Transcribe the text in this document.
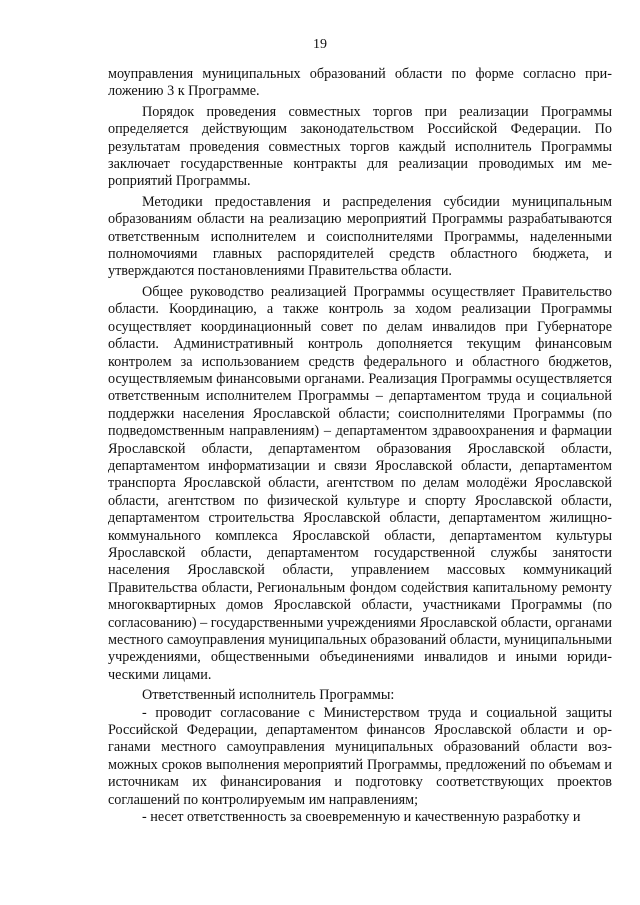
19

моуправления муниципальных образований области по форме согласно приложению 3 к Программе.

Порядок проведения совместных торгов при реализации Программы определяется действующим законодательством Российской Федерации. По результатам проведения совместных торгов каждый исполнитель Программы заключает государственные контракты для реализации проводимых им мероприятий Программы.

Методики предоставления и распределения субсидии муниципальным образованиям области на реализацию мероприятий Программы разрабатываются ответственным исполнителем и соисполнителями Программы, наделенными полномочиями главных распорядителей средств областного бюджета, и утверждаются постановлениями Правительства области.

Общее руководство реализацией Программы осуществляет Правительство области. Координацию, а также контроль за ходом реализации Программы осуществляет координационный совет по делам инвалидов при Губернаторе области. Административный контроль дополняется текущим финансовым контролем за использованием средств федерального и областного бюджетов, осуществляемым финансовыми органами. Реализация Программы осуществляется ответственным исполнителем Программы – департаментом труда и социальной поддержки населения Ярославской области; соисполнителями Программы (по подведомственным направлениям) – департаментом здравоохранения и фармации Ярославской области, департаментом образования Ярославской области, департаментом информатизации и связи Ярославской области, департаментом транспорта Ярославской области, агентством по делам молодёжи Ярославской области, агентством по физической культуре и спорту Ярославской области, департаментом строительства Ярославской области, департаментом жилищно-коммунального комплекса Ярославской области, департаментом культуры Ярославской области, департаментом государственной службы занятости населения Ярославской области, управлением массовых коммуникаций Правительства области, Региональным фондом содействия капитальному ремонту многоквартирных домов Ярославской области, участниками Программы (по согласованию) – государственными учреждениями Ярославской области, органами местного самоуправления муниципальных образований области, муниципальными учреждениями, общественными объединениями инвалидов и иными юридическими лицами.

Ответственный исполнитель Программы:

- проводит согласование с Министерством труда и социальной защиты Российской Федерации, департаментом финансов Ярославской области и органами местного самоуправления муниципальных образований области возможных сроков выполнения мероприятий Программы, предложений по объемам и источникам их финансирования и подготовку соответствующих проектов соглашений по контролируемым им направлениям;

- несет ответственность за своевременную и качественную разработку и
